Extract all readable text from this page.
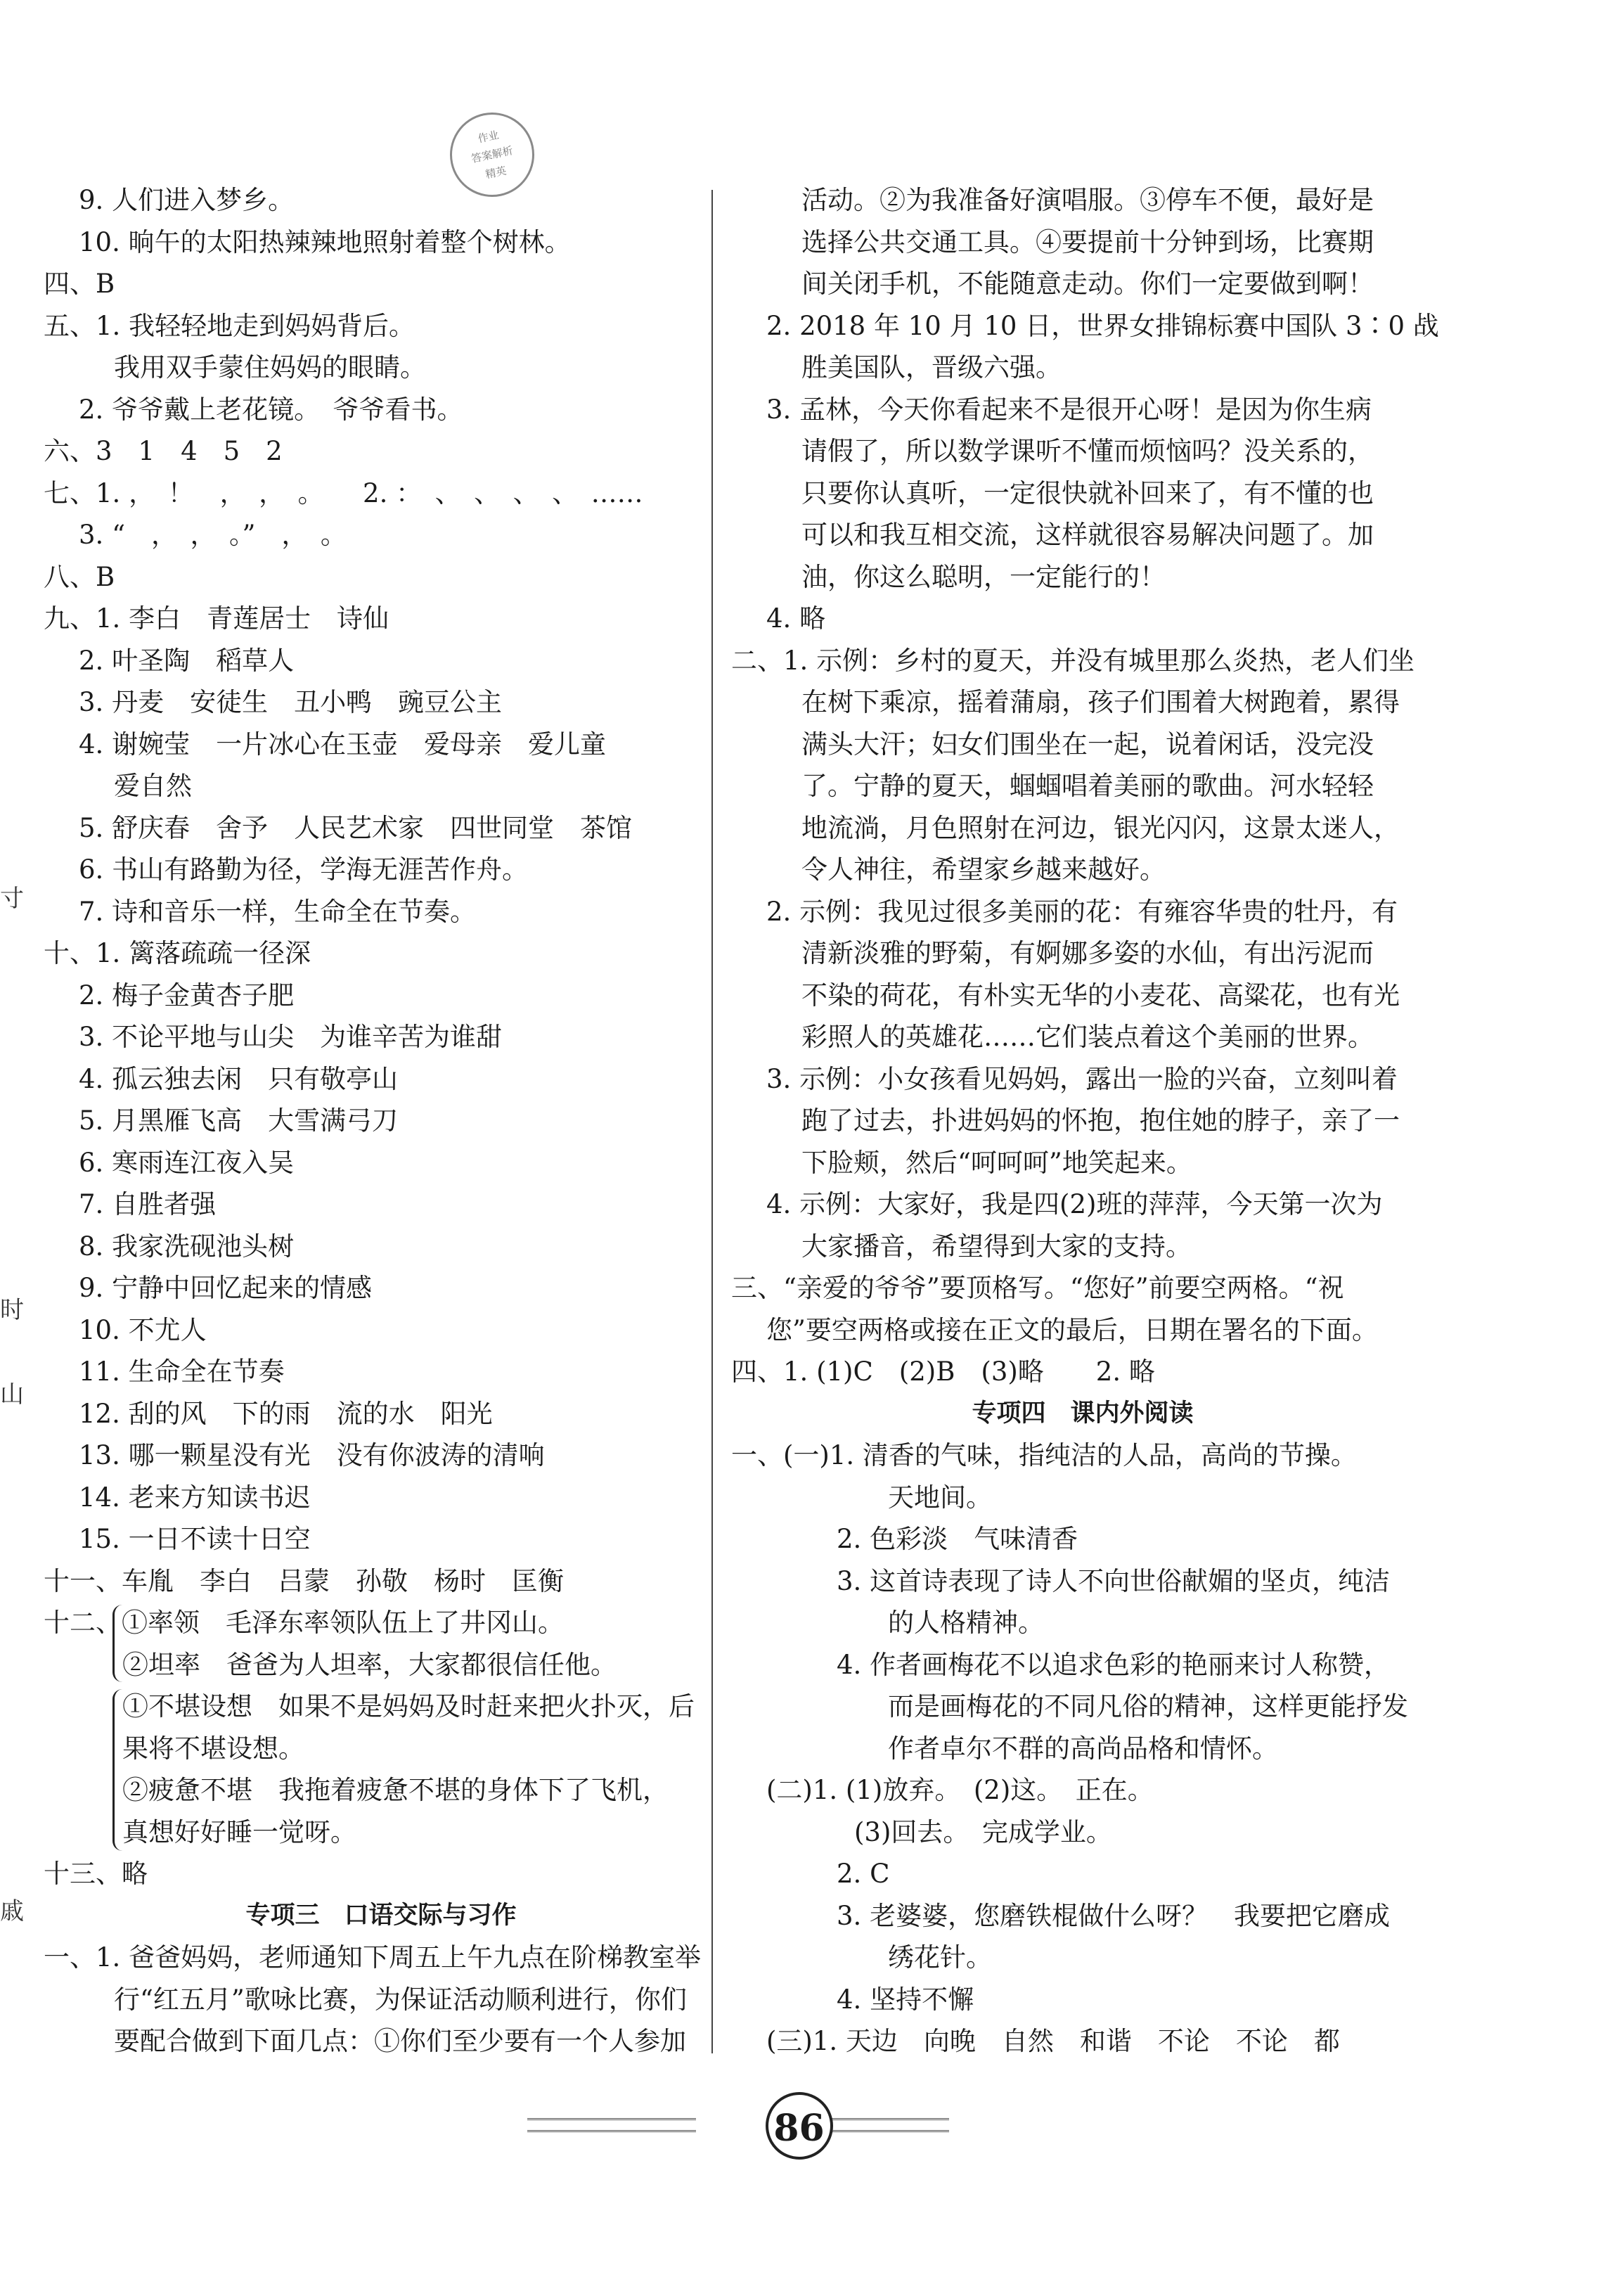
作业
答案解析
精英
寸
时
山
戚
9. 人们进入梦乡。
10. 晌午的太阳热辣辣地照射着整个树林。
四、B
五、1. 我轻轻地走到妈妈背后。
我用双手蒙住妈妈的眼睛。
2. 爷爷戴上老花镜。　爷爷看书。
六、3　1　4　5　2
七、1. ，　！　，　，　。　　2. ：　、　、　、　、　……
3. “　，　，　。”　，　。
八、B
九、1. 李白　青莲居士　诗仙
2. 叶圣陶　稻草人
3. 丹麦　安徒生　丑小鸭　豌豆公主
4. 谢婉莹　一片冰心在玉壶　爱母亲　爱儿童
爱自然
5. 舒庆春　舍予　人民艺术家　四世同堂　茶馆
6. 书山有路勤为径，学海无涯苦作舟。
7. 诗和音乐一样，生命全在节奏。
十、1. 篱落疏疏一径深
2. 梅子金黄杏子肥
3. 不论平地与山尖　为谁辛苦为谁甜
4. 孤云独去闲　只有敬亭山
5. 月黑雁飞高　大雪满弓刀
6. 寒雨连江夜入吴
7. 自胜者强
8. 我家洗砚池头树
9. 宁静中回忆起来的情感
10. 不尤人
11. 生命全在节奏
12. 刮的风　下的雨　流的水　阳光
13. 哪一颗星没有光　没有你波涛的清响
14. 老来方知读书迟
15. 一日不读十日空
十一、车胤　李白　吕蒙　孙敬　杨时　匡衡
十二、①率领　毛泽东率领队伍上了井冈山。
②坦率　爸爸为人坦率，大家都很信任他。
①不堪设想　如果不是妈妈及时赶来把火扑灭，后
果将不堪设想。
②疲惫不堪　我拖着疲惫不堪的身体下了飞机，
真想好好睡一觉呀。
十三、略
专项三　口语交际与习作
一、1. 爸爸妈妈，老师通知下周五上午九点在阶梯教室举
行“红五月”歌咏比赛，为保证活动顺利进行，你们
要配合做到下面几点：①你们至少要有一个人参加
活动。②为我准备好演唱服。③停车不便，最好是
选择公共交通工具。④要提前十分钟到场，比赛期
间关闭手机，不能随意走动。你们一定要做到啊！
2. 2018 年 10 月 10 日，世界女排锦标赛中国队 3∶0 战
胜美国队，晋级六强。
3. 孟林，今天你看起来不是很开心呀！是因为你生病
请假了，所以数学课听不懂而烦恼吗？没关系的，
只要你认真听，一定很快就补回来了，有不懂的也
可以和我互相交流，这样就很容易解决问题了。加
油，你这么聪明，一定能行的！
4. 略
二、1. 示例：乡村的夏天，并没有城里那么炎热，老人们坐
在树下乘凉，摇着蒲扇，孩子们围着大树跑着，累得
满头大汗；妇女们围坐在一起，说着闲话，没完没
了。宁静的夏天，蝈蝈唱着美丽的歌曲。河水轻轻
地流淌，月色照射在河边，银光闪闪，这景太迷人，
令人神往，希望家乡越来越好。
2. 示例：我见过很多美丽的花：有雍容华贵的牡丹，有
清新淡雅的野菊，有婀娜多姿的水仙，有出污泥而
不染的荷花，有朴实无华的小麦花、高粱花，也有光
彩照人的英雄花……它们装点着这个美丽的世界。
3. 示例：小女孩看见妈妈，露出一脸的兴奋，立刻叫着
跑了过去，扑进妈妈的怀抱，抱住她的脖子，亲了一
下脸颊，然后“呵呵呵”地笑起来。
4. 示例：大家好，我是四(2)班的萍萍，今天第一次为
大家播音，希望得到大家的支持。
三、“亲爱的爷爷”要顶格写。“您好”前要空两格。“祝
您”要空两格或接在正文的最后，日期在署名的下面。
四、1. (1)C　(2)B　(3)略　　2. 略
专项四　课内外阅读
一、(一)1. 清香的气味，指纯洁的人品，高尚的节操。
天地间。
2. 色彩淡　气味清香
3. 这首诗表现了诗人不向世俗献媚的坚贞，纯洁
的人格精神。
4. 作者画梅花不以追求色彩的艳丽来讨人称赞，
而是画梅花的不同凡俗的精神，这样更能抒发
作者卓尔不群的高尚品格和情怀。
(二)1. (1)放弃。　(2)这。　正在。
(3)回去。　完成学业。
2. C
3. 老婆婆，您磨铁棍做什么呀？　我要把它磨成
绣花针。
4. 坚持不懈
(三)1. 天边　向晚　自然　和谐　不论　不论　都
86
